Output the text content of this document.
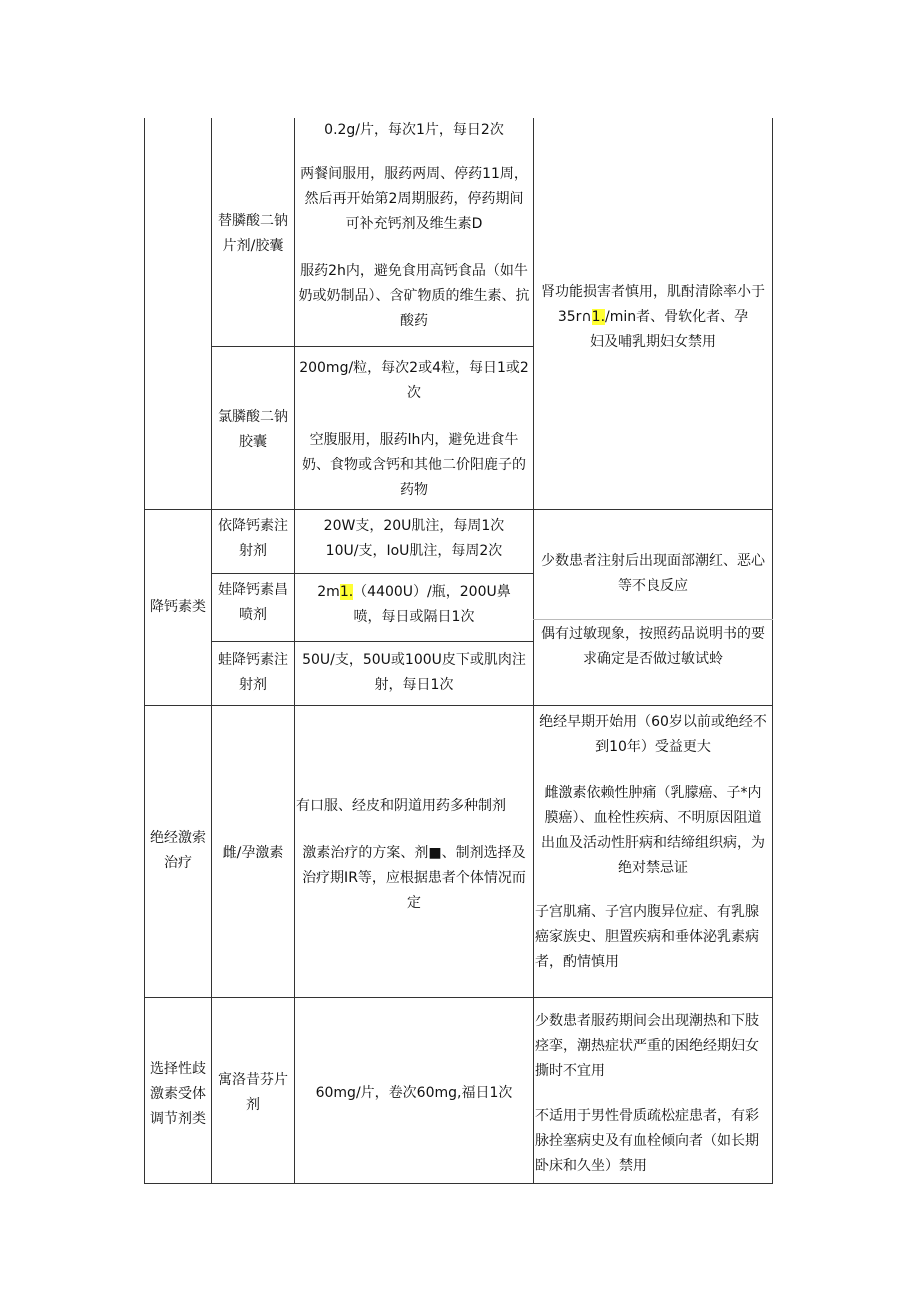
替膦酸二钠
片剂/胶囊
0.2g/片，每次1片，每日2次
两餐间服用，服药两周、停药11周，然后再开始第2周期服药，停药期间可补充钙剂及维生素D
服药2h内，避免食用高钙食品（如牛奶或奶制品）、含矿物质的维生素、抗酸药
氯膦酸二钠
胶囊
200mg/粒，每次2或4粒，每日1或2次
空腹服用，服药lh内，避免进食牛奶、食物或含钙和其他二价阳鹿子的药物
肾功能损害者慎用，肌酎清除率小于
35r∩1./min者、骨软化者、孕
妇及哺乳期妇女禁用
降钙素类
依降钙素注
射剂
20W支，20U肌注，每周1次
10U/支，IoU肌注，每周2次
娃降钙素昌
喷剂
2m1.（4400U）/瓶，200U鼻
喷，每日或隔日1次
蛙降钙素注
射剂
50U/支，50U或100U皮下或肌肉注
射，每日1次
少数患者注射后出现面部潮红、恶心
等不良反应
偶有过敏现象，按照药品说明书的要
求确定是否做过敏试蛉
绝经激索
治疗
雌/孕激素
有口服、经皮和阴道用药多种制剂
激素治疗的方案、剂■、制剂选择及
治疗期IR等，应根据患者个体情况而
定
绝经早期开始用（60岁以前或绝经不
到10年）受益更大
雌激素依赖性肿痛（乳朦癌、子*内
膜癌）、血栓性疾病、不明原因阻道
出血及活动性肝病和结缔组织病，为
绝对禁忌证
子宫肌痛、子宫内腹异位症、有乳腺
癌家族史、胆置疾病和垂体泌乳素病
者，酌情慎用
选择性歧
激素受体
调节剂类
寓洛昔芬片
剂
60mg/片，卷次60mg,福日1次
少数患者服药期间会出现潮热和下肢
痉挛，潮热症状严重的困绝经期妇女
撕时不宜用
不适用于男性骨质疏松症患者，有彩
脉拴塞病史及有血栓倾向者（如长期
卧床和久坐）禁用
